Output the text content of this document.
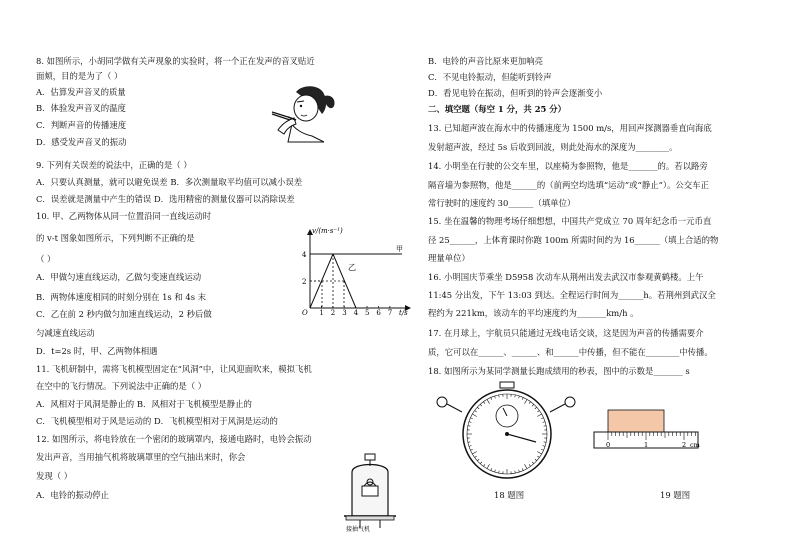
8. 如图所示，小胡同学做有关声现象的实验时，将一个正在发声的音叉贴近
面颊，目的是为了（ ）
A．估算发声音叉的质量
B．体验发声音叉的温度
C．判断声音的传播速度
D．感受发声音叉的振动
9. 下列有关误差的说法中，正确的是（ ）
A．只要认真测量，就可以避免误差 B．多次测量取平均值可以减小误差
C．误差就是测量中产生的错误 D．选用精密的测量仪器可以消除误差
10. 甲、乙两物体从同一位置沿同一直线运动时
的 v-t 图象如图所示，下列判断不正确的是
（ ）
A．甲做匀速直线运动，乙做匀变速直线运动
B．两物体速度相同的时刻分别在 1s 和 4s 末
C．乙在前 2 秒内做匀加速直线运动，2 秒后做
匀减速直线运动
D．t=2s 时，甲、乙两物体相遇
v/(m·s⁻¹)
4
2
O 1 2 3 4 5 6 7 t/s
乙
甲
11. 飞机研制中，需将飞机模型固定在“风洞”中，让风迎面吹来，模拟飞机
在空中的飞行情况。下列说法中正确的是（ ）
A．风相对于风洞是静止的 B．风相对于飞机模型是静止的
C．飞机模型相对于风是运动的 D．飞机模型相对于风洞是运动的
12. 如图所示，将电铃放在一个密闭的玻璃罩内，接通电路时，电铃会振动
发出声音，当用抽气机将玻璃罩里的空气抽出来时，你会
发现（ ）
A．电铃的振动停止
接抽气机
B．电铃的声音比原来更加响亮
C．不见电铃振动，但能听到铃声
D．看见电铃在振动，但听到的铃声会逐渐变小
二、填空题（每空 1 分，共 25 分）
13. 已知超声波在海水中的传播速度为 1500 m/s，用回声探测器垂直向海底
发射超声波，经过 5s 后收到回波，则此处海水的深度为________。
14. 小明坐在行驶的公交车里，以座椅为参照物，他是_______的。若以路旁
隔音墙为参照物，他是______的（前两空均选填“运动”或“静止”）。公交车正
常行驶时的速度约 30______（填单位）
15. 坐在温馨的物理考场仔细想想，中国共产党成立 70 周年纪念币一元币直
径 25______，上体育课时你跑 100m 所需时间约为 16______（填上合适的物
理量单位）
16. 小明国庆节乘坐 D5958 次动车从荆州出发去武汉市参观黄鹤楼。上午
11:45 分出发，下午 13:03 到达。全程运行时间为______h。若荆州到武汉全
程约为 221km，该动车的平均速度约为_______km/h 。
17. 在月球上，宇航员只能通过无线电话交谈，这是因为声音的传播需要介
质，它可以在______、______、和______中传播，但不能在________中传播。
18. 如图所示为某同学测量长跑成绩用的秒表，图中的示数是_______ s
18 题图
0	1	2 cm
19 题图
